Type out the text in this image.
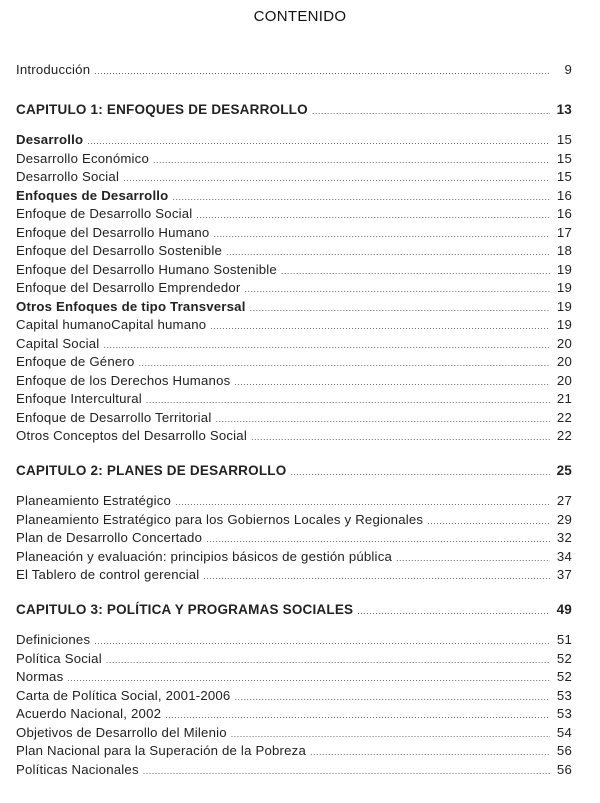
CONTENIDO
Introducción .....	9
CAPITULO 1: ENFOQUES DE DESARROLLO .....	13
Desarrollo .....	15
Desarrollo Económico .....	15
Desarrollo Social .....	15
Enfoques de Desarrollo .....	16
Enfoque de Desarrollo Social .....	16
Enfoque del Desarrollo Humano .....	17
Enfoque del Desarrollo Sostenible .....	18
Enfoque del Desarrollo Humano Sostenible .....	19
Enfoque del Desarrollo Emprendedor .....	19
Otros Enfoques de tipo Transversal .....	19
Capital humanoCapital humano .....	19
Capital Social .....	20
Enfoque de Género .....	20
Enfoque de los Derechos Humanos .....	20
Enfoque Intercultural .....	21
Enfoque de Desarrollo Territorial .....	22
Otros Conceptos del Desarrollo Social .....	22
CAPITULO 2: PLANES DE DESARROLLO .....	25
Planeamiento Estratégico .....	27
Planeamiento Estratégico para los Gobiernos Locales y Regionales .....	29
Plan de Desarrollo Concertado .....	32
Planeación y evaluación: principios básicos de gestión pública .....	34
El Tablero de control gerencial .....	37
CAPITULO 3: POLÍTICA Y PROGRAMAS SOCIALES .....	49
Definiciones .....	51
Política Social .....	52
Normas .....	52
Carta de Política Social, 2001-2006 .....	53
Acuerdo Nacional, 2002 .....	53
Objetivos de Desarrollo del Milenio .....	54
Plan Nacional para la Superación de la Pobreza .....	56
Políticas Nacionales .....	56
